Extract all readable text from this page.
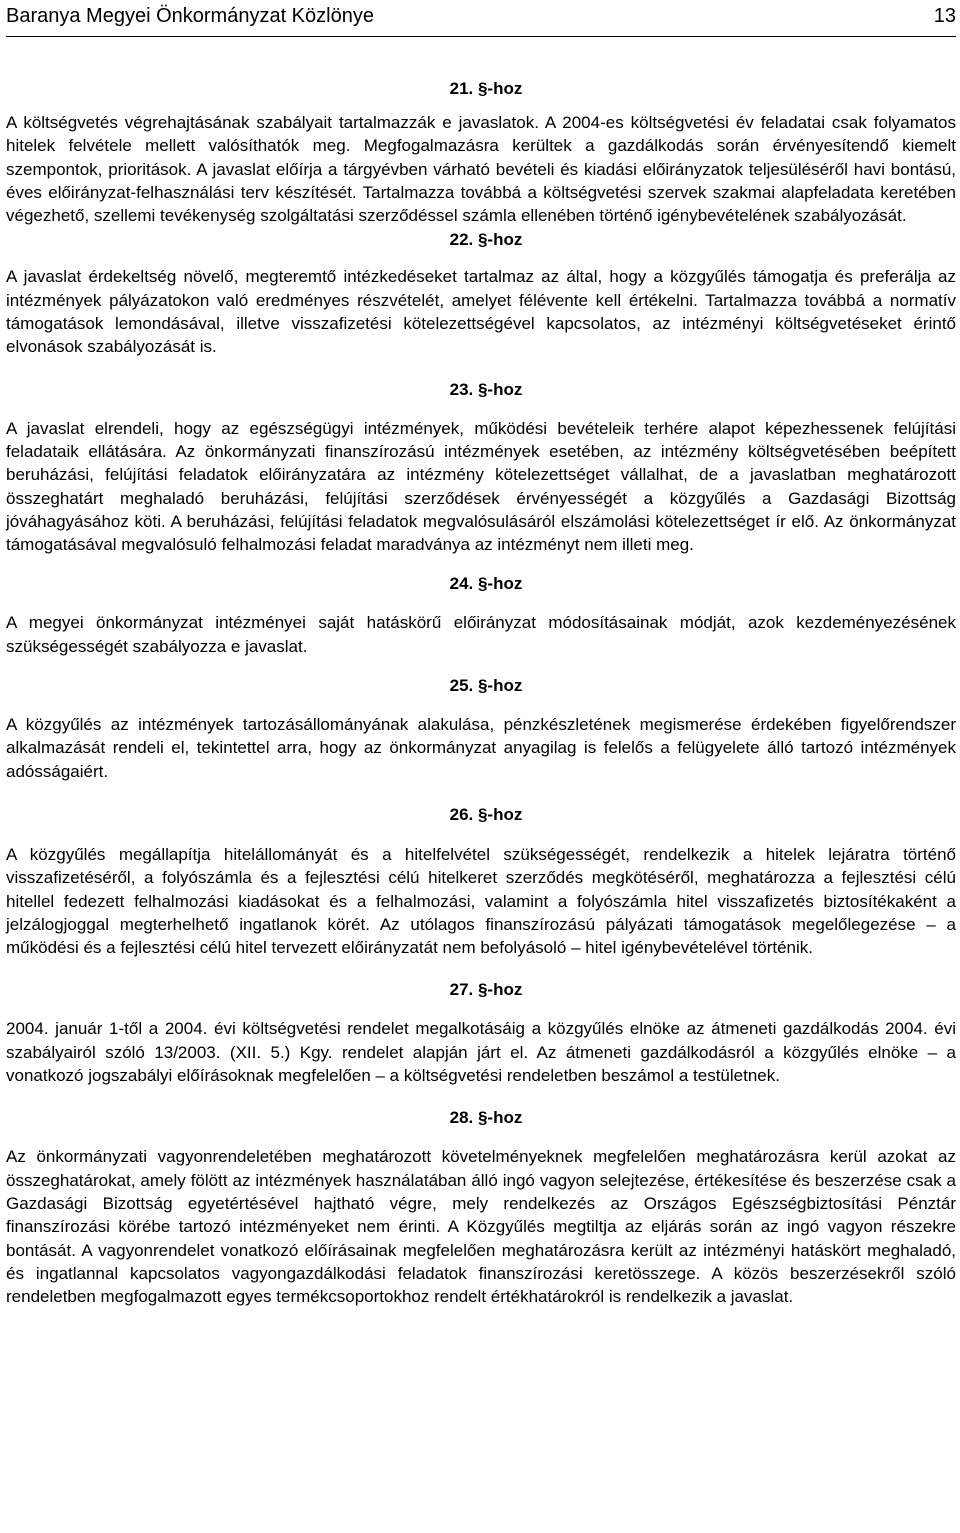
Baranya Megyei Önkormányzat Közlönye	13

21. §-hoz

A költségvetés végrehajtásának szabályait tartalmazzák e javaslatok. A 2004-es költségvetési év feladatai csak folyamatos hitelek felvétele mellett valósíthatók meg. Megfogalmazásra kerültek a gazdálkodás során érvényesítendő kiemelt szempontok, prioritások. A javaslat előírja a tárgyévben várható bevételi és kiadási előirányzatok teljesüléséről havi bontású, éves előirányzat-felhasználási terv készítését. Tartalmazza továbbá a költségvetési szervek szakmai alapfeladata keretében végezhető, szellemi tevékenység szolgáltatási szerződéssel számla ellenében történő igénybevételének szabályozását.

22. §-hoz

A javaslat érdekeltség növelő, megteremtő intézkedéseket tartalmaz az által, hogy a közgyűlés támogatja és preferálja az intézmények pályázatokon való eredményes részvételét, amelyet félévente kell értékelni. Tartalmazza továbbá a normatív támogatások lemondásával, illetve visszafizetési kötelezettségével kapcsolatos, az intézményi költségvetéseket érintő elvonások szabályozását is.

23. §-hoz

A javaslat elrendeli, hogy az egészségügyi intézmények, működési bevételeik terhére alapot képezhessenek felújítási feladataik ellátására. Az önkormányzati finanszírozású intézmények esetében, az intézmény költségvetésében beépített beruházási, felújítási feladatok előirányzatára az intézmény kötelezettséget vállalhat, de a javaslatban meghatározott összeghatárt meghaladó beruházási, felújítási szerződések érvényességét a közgyűlés a Gazdasági Bizottság jóváhagyásához köti. A beruházási, felújítási feladatok megvalósulásáról elszámolási kötelezettséget ír elő. Az önkormányzat támogatásával megvalósuló felhalmozási feladat maradványa az intézményt nem illeti meg.

24. §-hoz

A megyei önkormányzat intézményei saját hatáskörű előirányzat módosításainak módját, azok kezdeményezésének szükségességét szabályozza e javaslat.

25. §-hoz

A közgyűlés az intézmények tartozásállományának alakulása, pénzkészletének megismerése érdekében figyelőrendszer alkalmazását rendeli el, tekintettel arra, hogy az önkormányzat anyagilag is felelős a felügyelete álló tartozó intézmények adósságaiért.

26. §-hoz

A közgyűlés megállapítja hitelállományát és a hitelfelvétel szükségességét, rendelkezik a hitelek lejáratra történő visszafizetéséről, a folyószámla és a fejlesztési célú hitelkeret szerződés megkötéséről, meghatározza a fejlesztési célú hitellel fedezett felhalmozási kiadásokat és a felhalmozási, valamint a folyószámla hitel visszafizetés biztosítékaként a jelzálogjoggal megterhelhető ingatlanok körét. Az utólagos finanszírozású pályázati támogatások megelőlegezése – a működési és a fejlesztési célú hitel tervezett előirányzatát nem befolyásoló – hitel igénybevételével történik.

27. §-hoz

2004. január 1-től a 2004. évi költségvetési rendelet megalkotásáig a közgyűlés elnöke az átmeneti gazdálkodás 2004. évi szabályairól szóló 13/2003. (XII. 5.) Kgy. rendelet alapján járt el. Az átmeneti gazdálkodásról a közgyűlés elnöke – a vonatkozó jogszabályi előírásoknak megfelelően – a költségvetési rendeletben beszámol a testületnek.

28. §-hoz

Az önkormányzati vagyonrendeletében meghatározott követelményeknek megfelelően meghatározásra kerül azokat az összeghatárokat, amely fölött az intézmények használatában álló ingó vagyon selejtezése, értékesítése és beszerzése csak a Gazdasági Bizottság egyetértésével hajtható végre, mely rendelkezés az Országos Egészségbiztosítási Pénztár finanszírozási körébe tartozó intézményeket nem érinti. A Közgyűlés megtiltja az eljárás során az ingó vagyon részekre bontását. A vagyonrendelet vonatkozó előírásainak megfelelően meghatározásra került az intézményi hatáskört meghaladó, és ingatlannal kapcsolatos vagyongazdálkodási feladatok finanszírozási keretösszege. A közös beszerzésekről szóló rendeletben megfogalmazott egyes termékcsoportokhoz rendelt értékhatárokról is rendelkezik a javaslat.
